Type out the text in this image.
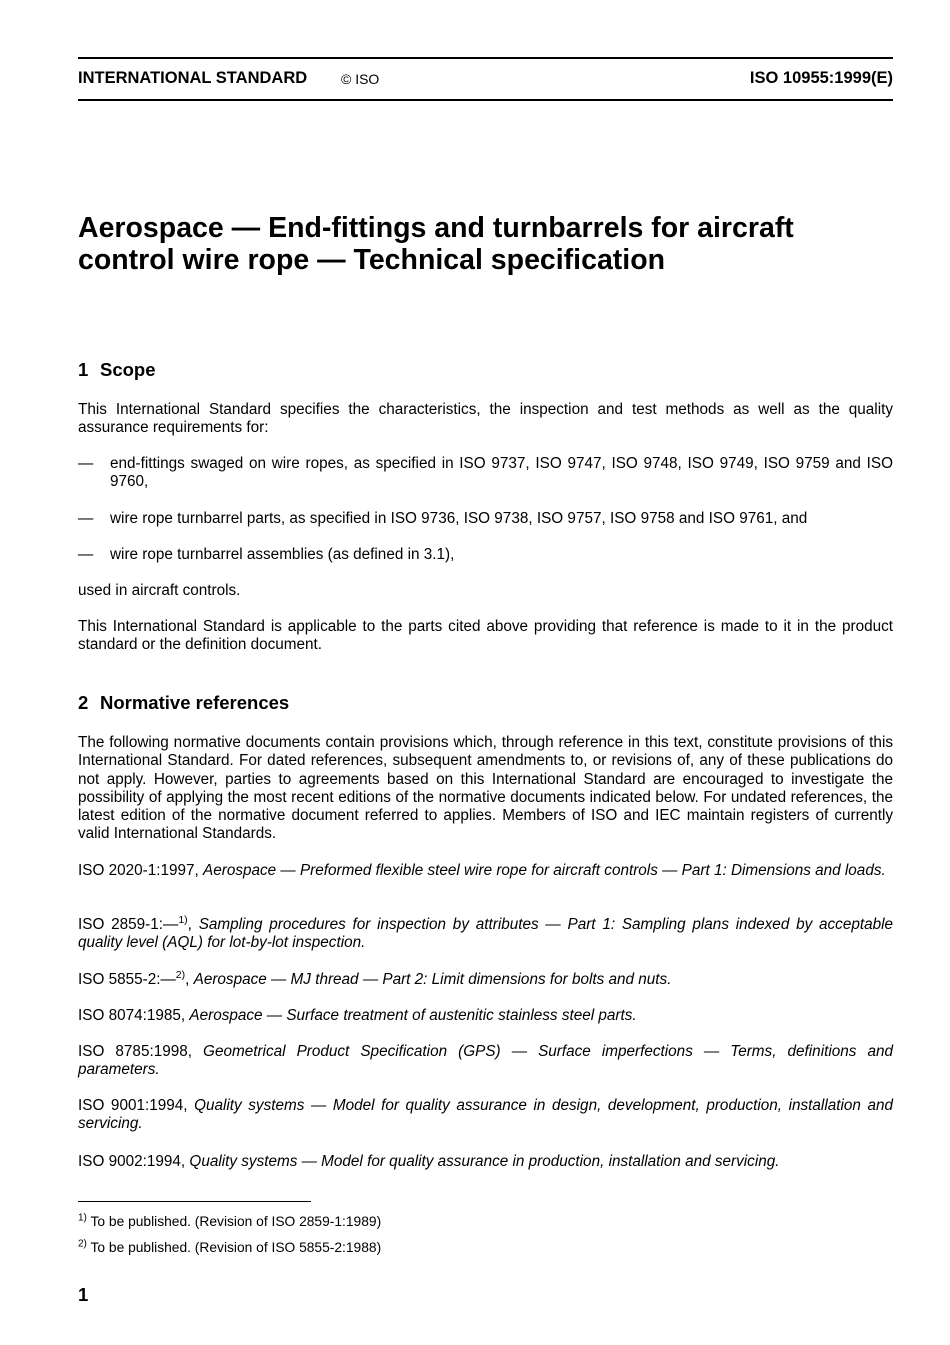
INTERNATIONAL STANDARD © ISO	ISO 10955:1999(E)
Aerospace — End-fittings and turnbarrels for aircraft
control wire rope — Technical specification
1 Scope

This International Standard specifies the characteristics, the inspection and test methods as well as the quality assurance requirements for:

— end-fittings swaged on wire ropes, as specified in ISO 9737, ISO 9747, ISO 9748, ISO 9749, ISO 9759 and ISO 9760,
— wire rope turnbarrel parts, as specified in ISO 9736, ISO 9738, ISO 9757, ISO 9758 and ISO 9761, and
— wire rope turnbarrel assemblies (as defined in 3.1),

used in aircraft controls.

This International Standard is applicable to the parts cited above providing that reference is made to it in the product standard or the definition document.

2 Normative references

The following normative documents contain provisions which, through reference in this text, constitute provisions of this International Standard. For dated references, subsequent amendments to, or revisions of, any of these publications do not apply. However, parties to agreements based on this International Standard are encouraged to investigate the possibility of applying the most recent editions of the normative documents indicated below. For undated references, the latest edition of the normative document referred to applies. Members of ISO and IEC maintain registers of currently valid International Standards.

ISO 2020-1:1997, Aerospace — Preformed flexible steel wire rope for aircraft controls — Part 1: Dimensions and loads.

ISO 2859-1:—$^{1)}$, Sampling procedures for inspection by attributes — Part 1: Sampling plans indexed by acceptable quality level (AQL) for lot-by-lot inspection.

ISO 5855-2:—$^{2)}$, Aerospace — MJ thread — Part 2: Limit dimensions for bolts and nuts.

ISO 8074:1985, Aerospace — Surface treatment of austenitic stainless steel parts.

ISO 8785:1998, Geometrical Product Specification (GPS) — Surface imperfections — Terms, definitions and parameters.

ISO 9001:1994, Quality systems — Model for quality assurance in design, development, production, installation and servicing.

ISO 9002:1994, Quality systems — Model for quality assurance in production, installation and servicing.

$^{1)}$ To be published. (Revision of ISO 2859-1:1989)
$^{2)}$ To be published. (Revision of ISO 5855-2:1988)
1
